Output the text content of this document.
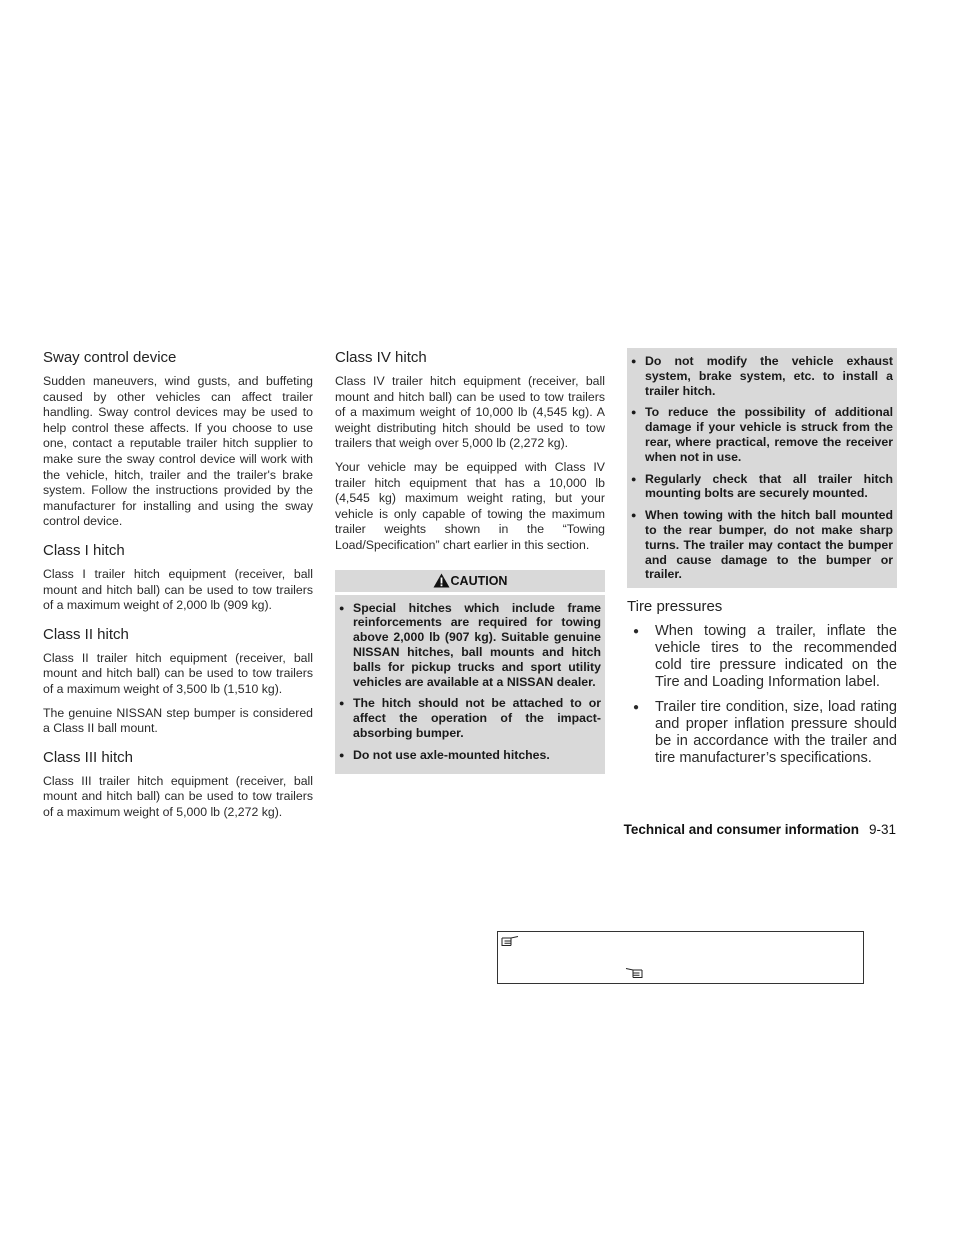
Sway control device

Sudden maneuvers, wind gusts, and buffeting caused by other vehicles can affect trailer handling. Sway control devices may be used to help control these affects. If you choose to use one, contact a reputable trailer hitch supplier to make sure the sway control device will work with the vehicle, hitch, trailer and the trailer's brake system. Follow the instructions provided by the manufacturer for installing and using the sway control device.

Class I hitch

Class I trailer hitch equipment (receiver, ball mount and hitch ball) can be used to tow trailers of a maximum weight of 2,000 lb (909 kg).

Class II hitch

Class II trailer hitch equipment (receiver, ball mount and hitch ball) can be used to tow trailers of a maximum weight of 3,500 lb (1,510 kg).

The genuine NISSAN step bumper is considered a Class II ball mount.

Class III hitch

Class III trailer hitch equipment (receiver, ball mount and hitch ball) can be used to tow trailers of a maximum weight of 5,000 lb (2,272 kg).

Class IV hitch

Class IV trailer hitch equipment (receiver, ball mount and hitch ball) can be used to tow trailers of a maximum weight of 10,000 lb (4,545 kg). A weight distributing hitch should be used to tow trailers that weigh over 5,000 lb (2,272 kg).

Your vehicle may be equipped with Class IV trailer hitch equipment that has a 10,000 lb (4,545 kg) maximum weight rating, but your vehicle is only capable of towing the maximum trailer weights shown in the “Towing Load/Specification” chart earlier in this section.

CAUTION
● Special hitches which include frame reinforcements are required for towing above 2,000 lb (907 kg). Suitable genuine NISSAN hitches, ball mounts and hitch balls for pickup trucks and sport utility vehicles are available at a NISSAN dealer.
● The hitch should not be attached to or affect the operation of the impact-absorbing bumper.
● Do not use axle-mounted hitches.
● Do not modify the vehicle exhaust system, brake system, etc. to install a trailer hitch.
● To reduce the possibility of additional damage if your vehicle is struck from the rear, where practical, remove the receiver when not in use.
● Regularly check that all trailer hitch mounting bolts are securely mounted.
● When towing with the hitch ball mounted to the rear bumper, do not make sharp turns. The trailer may contact the bumper and cause damage to the bumper or trailer.
Tire pressures
● When towing a trailer, inflate the vehicle tires to the recommended cold tire pressure indicated on the Tire and Loading Information label.
● Trailer tire condition, size, load rating and proper inflation pressure should be in accordance with the trailer and tire manufacturer’s specifications.
Technical and consumer information 9-31
